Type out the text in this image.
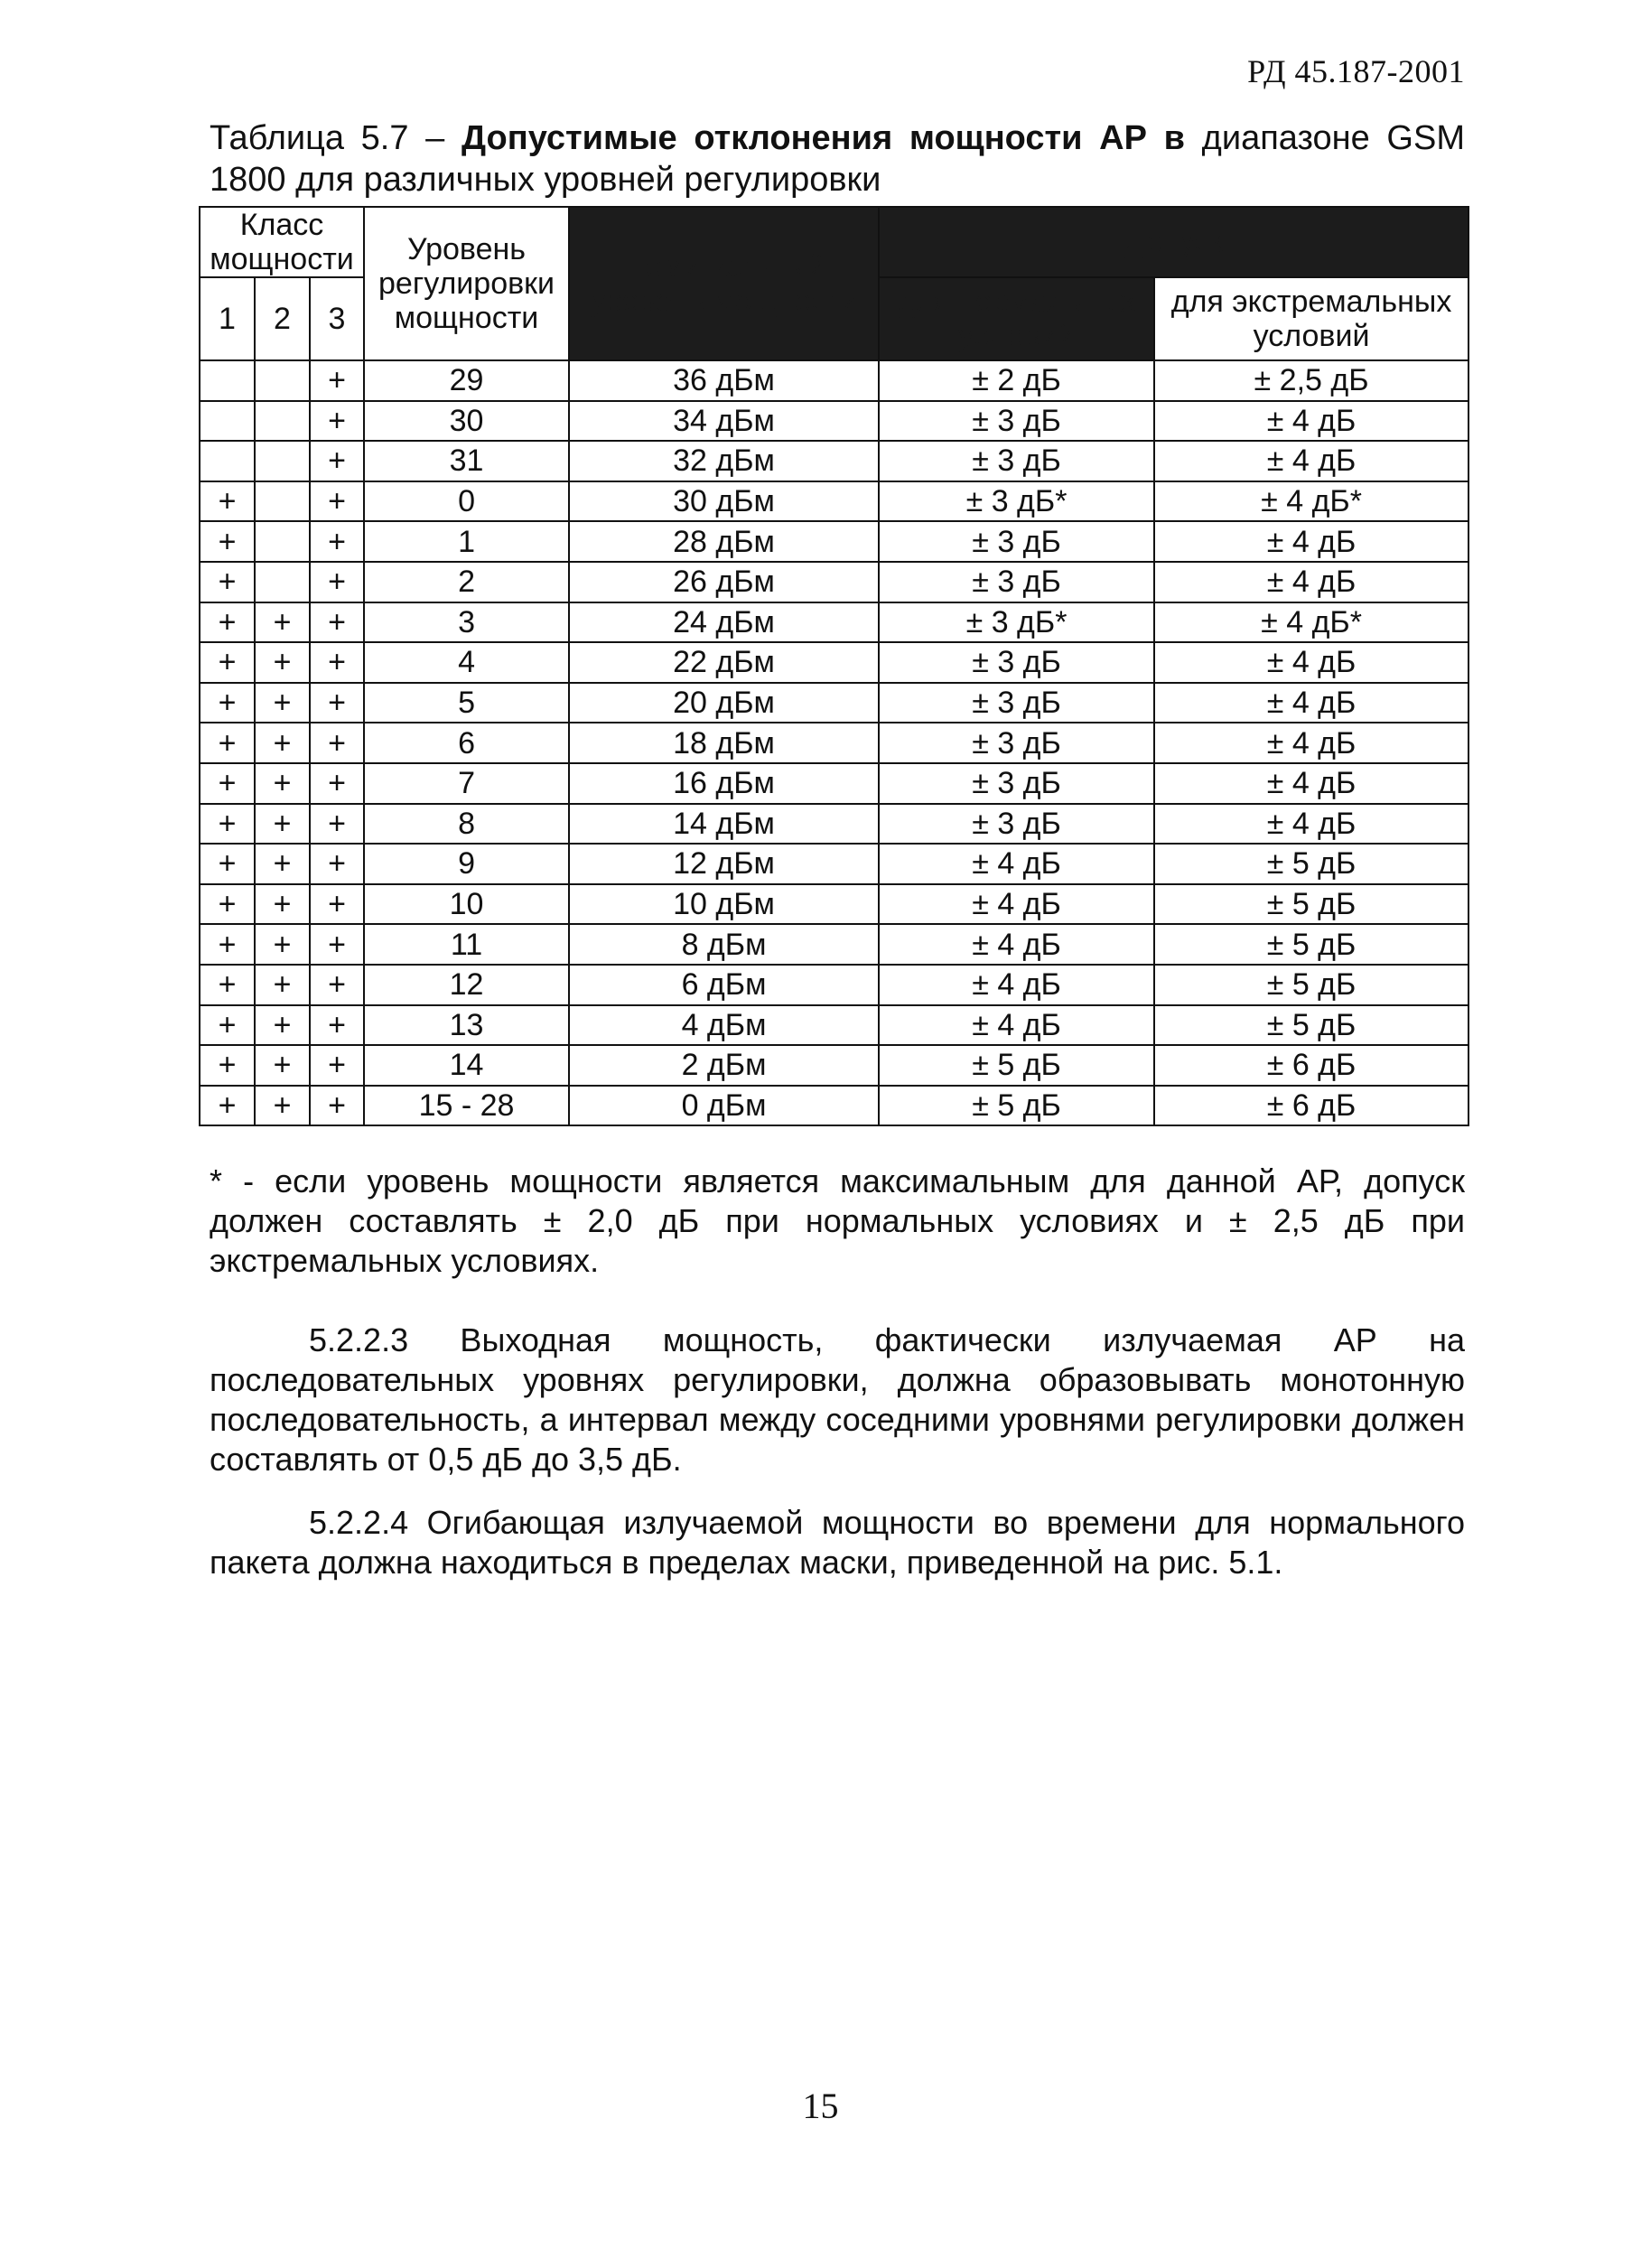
РД 45.187-2001
Таблица 5.7 – Допустимые отклонения мощности АР в диапазоне GSM 1800 для различных уровней регулировки
Класс мощности			Уровень регулировки мощности	Номинальный уровень мощности	Допуск	
1	2	3			для нормальных условий	для экстремальных условий

		+	29	36 дБм	± 2 дБ	± 2,5 дБ
		+	30	34 дБм	± 3 дБ	± 4 дБ
		+	31	32 дБм	± 3 дБ	± 4 дБ
+		+	0	30 дБм	± 3 дБ*	± 4 дБ*
+		+	1	28 дБм	± 3 дБ	± 4 дБ
+		+	2	26 дБм	± 3 дБ	± 4 дБ
+	+	+	3	24 дБм	± 3 дБ*	± 4 дБ*
+	+	+	4	22 дБм	± 3 дБ	± 4 дБ
+	+	+	5	20 дБм	± 3 дБ	± 4 дБ
+	+	+	6	18 дБм	± 3 дБ	± 4 дБ
+	+	+	7	16 дБм	± 3 дБ	± 4 дБ
+	+	+	8	14 дБм	± 3 дБ	± 4 дБ
+	+	+	9	12 дБм	± 4 дБ	± 5 дБ
+	+	+	10	10 дБм	± 4 дБ	± 5 дБ
+	+	+	11	8 дБм	± 4 дБ	± 5 дБ
+	+	+	12	6 дБм	± 4 дБ	± 5 дБ
+	+	+	13	4 дБм	± 4 дБ	± 5 дБ
+	+	+	14	2 дБм	± 5 дБ	± 6 дБ
+	+	+	15 - 28	0 дБм	± 5 дБ	± 6 дБ
* - если уровень мощности является максимальным для данной АР, допуск должен составлять ± 2,0 дБ при нормальных условиях и ± 2,5 дБ при экстремальных условиях.
5.2.2.3 Выходная мощность, фактически излучаемая АР на последовательных уровнях регулировки, должна образовывать монотонную последовательность, а интервал между соседними уровнями регулировки должен составлять от 0,5 дБ до 3,5 дБ.
5.2.2.4 Огибающая излучаемой мощности во времени для нормального пакета должна находиться в пределах маски, приведенной на рис. 5.1.
15
